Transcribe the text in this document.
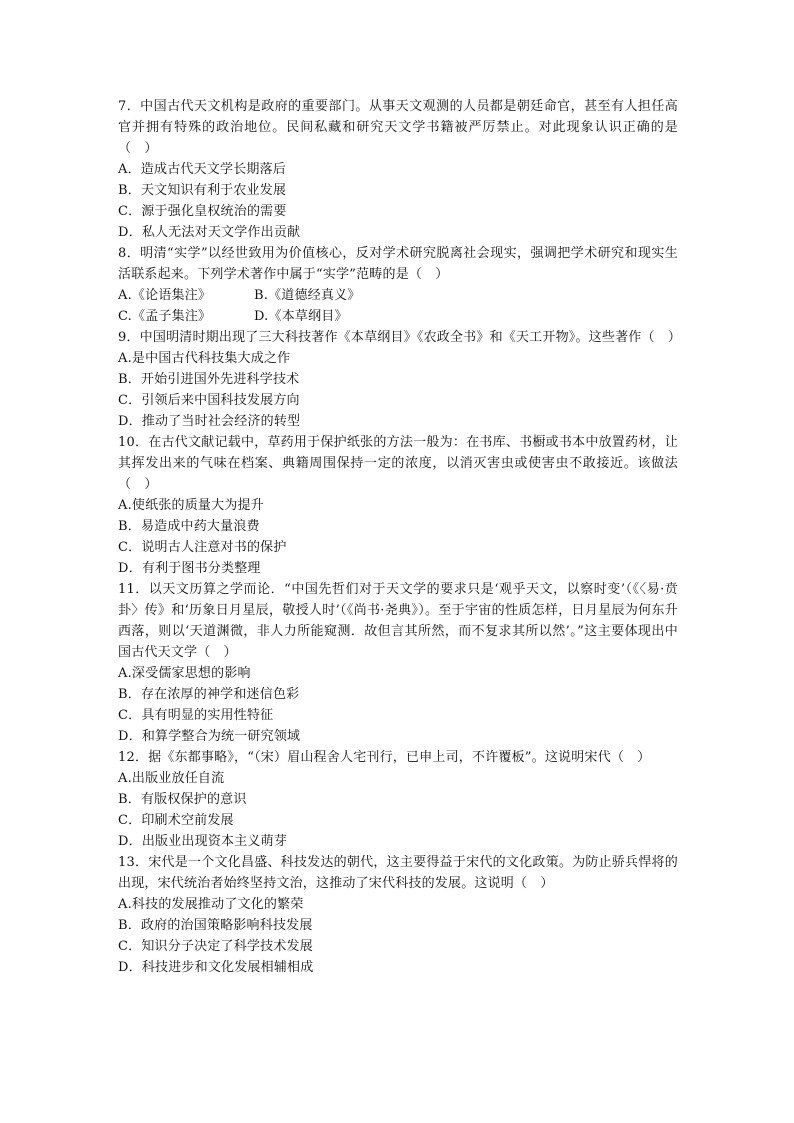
7．中国古代天文机构是政府的重要部门。从事天文观测的人员都是朝廷命官，甚至有人担任高官并拥有特殊的政治地位。民间私藏和研究天文学书籍被严厉禁止。对此现象认识正确的是（　）

A．造成古代天文学长期落后

B．天文知识有利于农业发展

C．源于强化皇权统治的需要

D．私人无法对天文学作出贡献

8．明清“实学”以经世致用为价值核心，反对学术研究脱离社会现实，强调把学术研究和现实生活联系起来。下列学术著作中属于“实学”范畴的是（　）

A.《论语集注》	B.《道德经真义》

C.《孟子集注》	D.《本草纲目》

9．中国明清时期出现了三大科技著作《本草纲目》《农政全书》和《天工开物》。这些著作（　）

A.是中国古代科技集大成之作

B．开始引进国外先进科学技术

C．引领后来中国科技发展方向

D．推动了当时社会经济的转型

10．在古代文献记载中，草药用于保护纸张的方法一般为：在书库、书橱或书本中放置药材，让其挥发出来的气味在档案、典籍周围保持一定的浓度，以消灭害虫或使害虫不敢接近。该做法（　）

A.使纸张的质量大为提升

B．易造成中药大量浪费

C．说明古人注意对书的保护

D．有利于图书分类整理

11．以天文历算之学而论．“中国先哲们对于天文学的要求只是‘观乎天文，以察时变’（《〈易·贲卦〉传》和‘历象日月星辰，敬授人时’（《尚书·尧典》）。至于宇宙的性质怎样，日月星辰为何东升西落，则以‘天道渊微，非人力所能窥测．故但言其所然，而不复求其所以然’。”这主要体现出中国古代天文学（　）

A.深受儒家思想的影响

B．存在浓厚的神学和迷信色彩

C．具有明显的实用性特征

D．和算学整合为统一研究领域

12．据《东都事略》，“（宋）眉山程舍人宅刊行，已申上司，不许覆板”。这说明宋代（　）

A.出版业放任自流

B．有版权保护的意识

C．印刷术空前发展

D．出版业出现资本主义萌芽

13．宋代是一个文化昌盛、科技发达的朝代，这主要得益于宋代的文化政策。为防止骄兵悍将的出现，宋代统治者始终坚持文治，这推动了宋代科技的发展。这说明（　）

A.科技的发展推动了文化的繁荣

B．政府的治国策略影响科技发展

C．知识分子决定了科学技术发展

D．科技进步和文化发展相辅相成
